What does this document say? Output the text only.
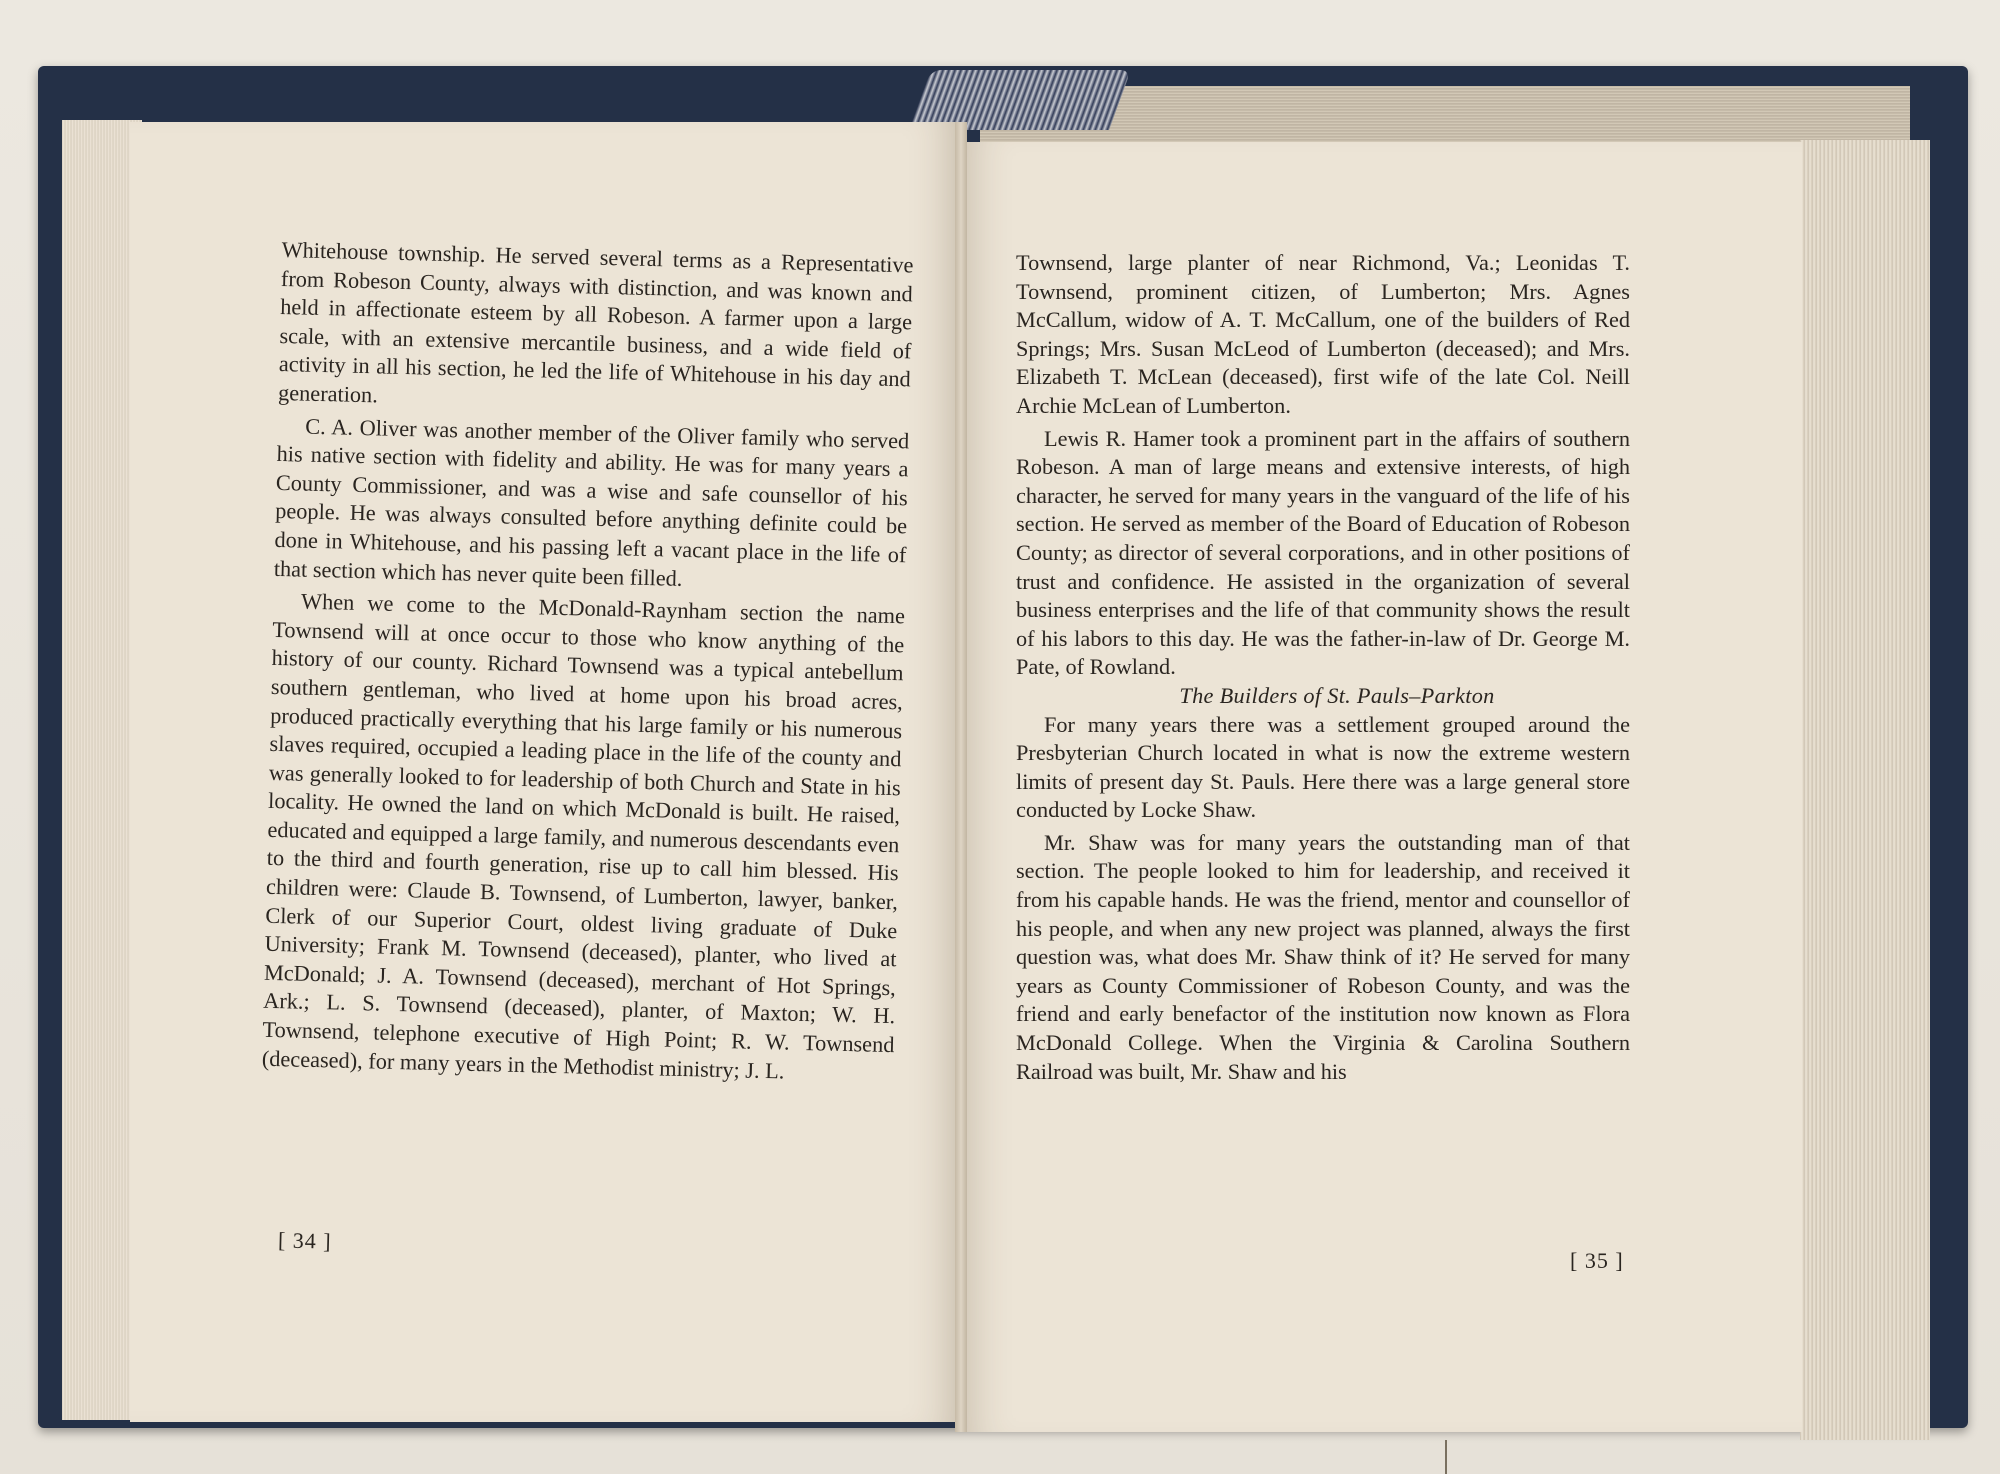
Whitehouse township. He served several terms as a Representative from Robeson County, always with distinction, and was known and held in affectionate esteem by all Robeson. A farmer upon a large scale, with an extensive mercantile business, and a wide field of activity in all his section, he led the life of Whitehouse in his day and generation.

C. A. Oliver was another member of the Oliver family who served his native section with fidelity and ability. He was for many years a County Commissioner, and was a wise and safe counsellor of his people. He was always consulted before anything definite could be done in Whitehouse, and his passing left a vacant place in the life of that section which has never quite been filled.

When we come to the McDonald-Raynham section the name Townsend will at once occur to those who know anything of the history of our county. Richard Townsend was a typical antebellum southern gentleman, who lived at home upon his broad acres, produced practically everything that his large family or his numerous slaves required, occupied a leading place in the life of the county and was generally looked to for leadership of both Church and State in his locality. He owned the land on which McDonald is built. He raised, educated and equipped a large family, and numerous descendants even to the third and fourth generation, rise up to call him blessed. His children were: Claude B. Townsend, of Lumberton, lawyer, banker, Clerk of our Superior Court, oldest living graduate of Duke University; Frank M. Townsend (deceased), planter, who lived at McDonald; J. A. Townsend (deceased), merchant of Hot Springs, Ark.; L. S. Townsend (deceased), planter, of Maxton; W. H. Townsend, telephone executive of High Point; R. W. Townsend (deceased), for many years in the Methodist ministry; J. L.

[ 34 ]

Townsend, large planter of near Richmond, Va.; Leonidas T. Townsend, prominent citizen, of Lumberton; Mrs. Agnes McCallum, widow of A. T. McCallum, one of the builders of Red Springs; Mrs. Susan McLeod of Lumberton (deceased); and Mrs. Elizabeth T. McLean (deceased), first wife of the late Col. Neill Archie McLean of Lumberton.

Lewis R. Hamer took a prominent part in the affairs of southern Robeson. A man of large means and extensive interests, of high character, he served for many years in the vanguard of the life of his section. He served as member of the Board of Education of Robeson County; as director of several corporations, and in other positions of trust and confidence. He assisted in the organization of several business enterprises and the life of that community shows the result of his labors to this day. He was the father-in-law of Dr. George M. Pate, of Rowland.

The Builders of St. Pauls–Parkton

For many years there was a settlement grouped around the Presbyterian Church located in what is now the extreme western limits of present day St. Pauls. Here there was a large general store conducted by Locke Shaw.

Mr. Shaw was for many years the outstanding man of that section. The people looked to him for leadership, and received it from his capable hands. He was the friend, mentor and counsellor of his people, and when any new project was planned, always the first question was, what does Mr. Shaw think of it? He served for many years as County Commissioner of Robeson County, and was the friend and early benefactor of the institution now known as Flora McDonald College. When the Virginia & Carolina Southern Railroad was built, Mr. Shaw and his

[ 35 ]
